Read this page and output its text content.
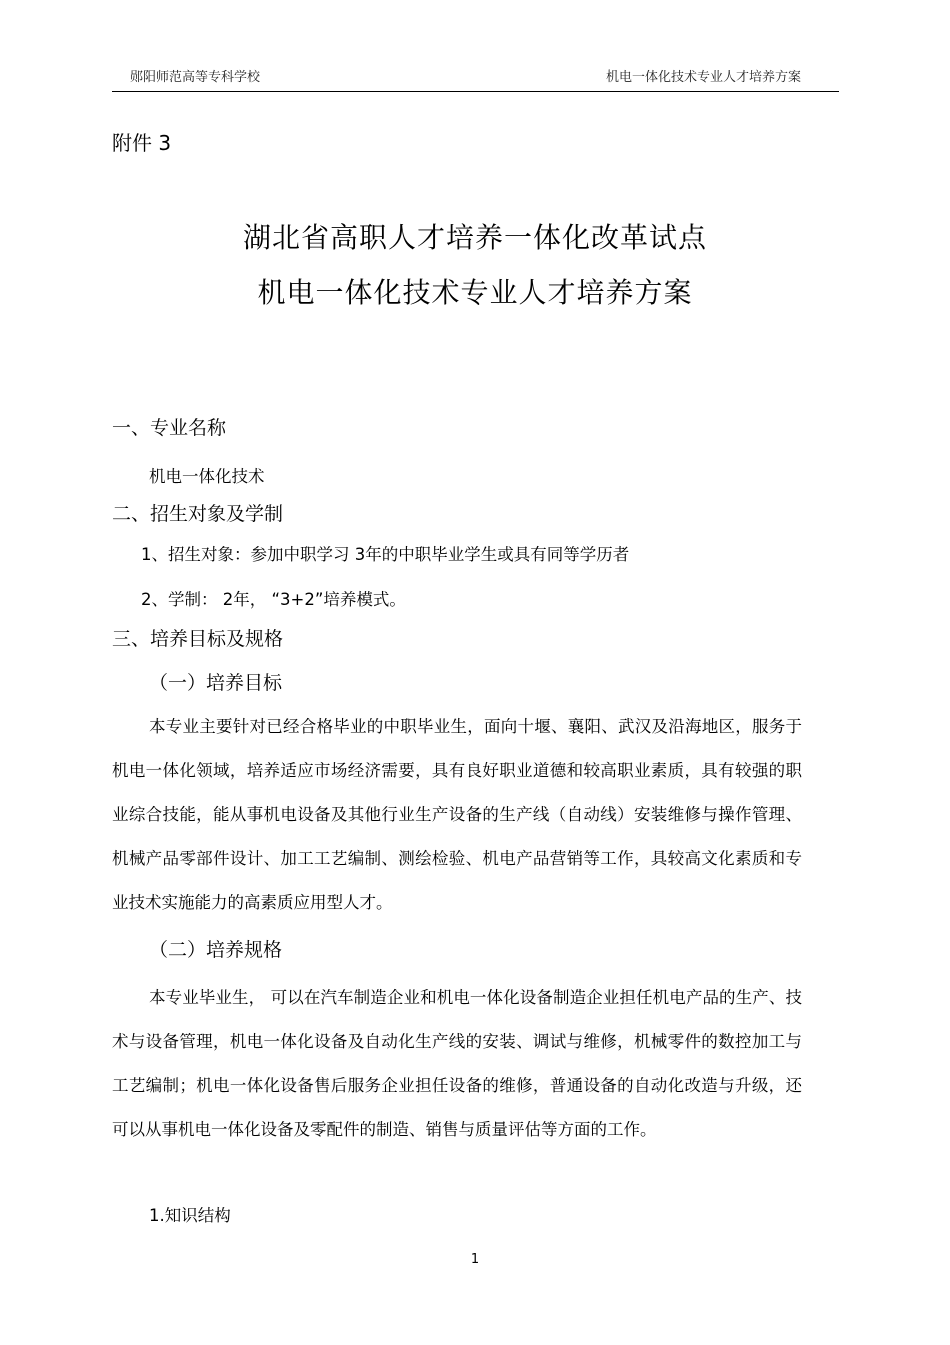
郧阳师范高等专科学校	机电一体化技术专业人才培养方案
附件 3
湖北省高职人才培养一体化改革试点
机电一体化技术专业人才培养方案
一、专业名称
机电一体化技术
二、招生对象及学制
1、招生对象：参加中职学习 3年的中职毕业学生或具有同等学历者
2、学制： 2年， “3+2”培养模式。
三、培养目标及规格
（一）培养目标
本专业主要针对已经合格毕业的中职毕业生，面向十堰、襄阳、武汉及沿海地区，服务于机电一体化领域，培养适应市场经济需要，具有良好职业道德和较高职业素质，具有较强的职业综合技能，能从事机电设备及其他行业生产设备的生产线（自动线）安装维修与操作管理、机械产品零部件设计、加工工艺编制、测绘检验、机电产品营销等工作，具较高文化素质和专业技术实施能力的高素质应用型人才。
（二）培养规格
本专业毕业生， 可以在汽车制造企业和机电一体化设备制造企业担任机电产品的生产、技术与设备管理，机电一体化设备及自动化生产线的安装、调试与维修，机械零件的数控加工与工艺编制；机电一体化设备售后服务企业担任设备的维修，普通设备的自动化改造与升级，还可以从事机电一体化设备及零配件的制造、销售与质量评估等方面的工作。
1.知识结构
1
